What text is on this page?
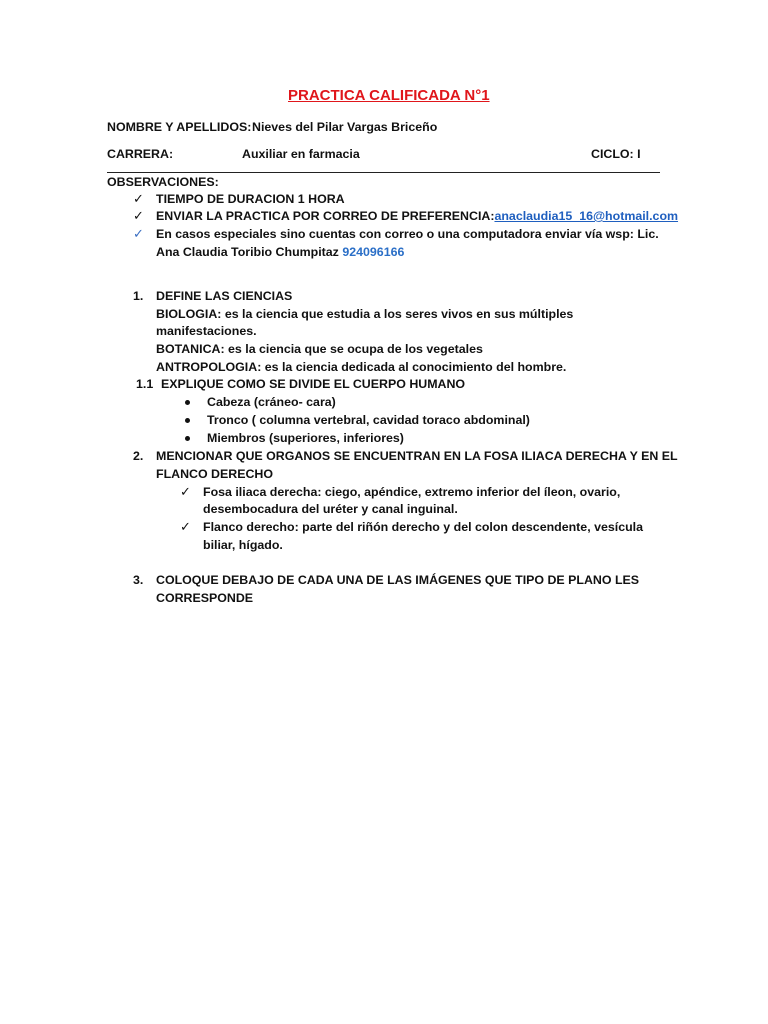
PRACTICA CALIFICADA N°1
NOMBRE Y APELLIDOS: Nieves del Pilar Vargas Briceño
CARRERA:	Auxiliar en farmacia	CICLO: I
OBSERVACIONES:
✓ TIEMPO DE DURACION 1 HORA
✓ ENVIAR LA PRACTICA POR CORREO DE PREFERENCIA:anaclaudia15_16@hotmail.com
✓ En casos especiales sino cuentas con correo o una computadora enviar vía wsp: Lic.
Ana Claudia Toribio Chumpitaz 924096166
1. DEFINE LAS CIENCIAS
BIOLOGIA: es la ciencia que estudia a los seres vivos en sus múltiples
manifestaciones.
BOTANICA: es la ciencia que se ocupa de los vegetales
ANTROPOLOGIA: es la ciencia dedicada al conocimiento del hombre.
1.1 EXPLIQUE COMO SE DIVIDE EL CUERPO HUMANO
Cabeza (cráneo- cara)
Tronco ( columna vertebral, cavidad toraco abdominal)
Miembros (superiores, inferiores)
2. MENCIONAR QUE ORGANOS SE ENCUENTRAN EN LA FOSA ILIACA DERECHA Y EN EL
FLANCO DERECHO
✓ Fosa iliaca derecha: ciego, apéndice, extremo inferior del íleon, ovario,
desembocadura del uréter y canal inguinal.
✓ Flanco derecho: parte del riñón derecho y del colon descendente, vesícula
biliar, hígado.
3. COLOQUE DEBAJO DE CADA UNA DE LAS IMÁGENES QUE TIPO DE PLANO LES
CORRESPONDE
